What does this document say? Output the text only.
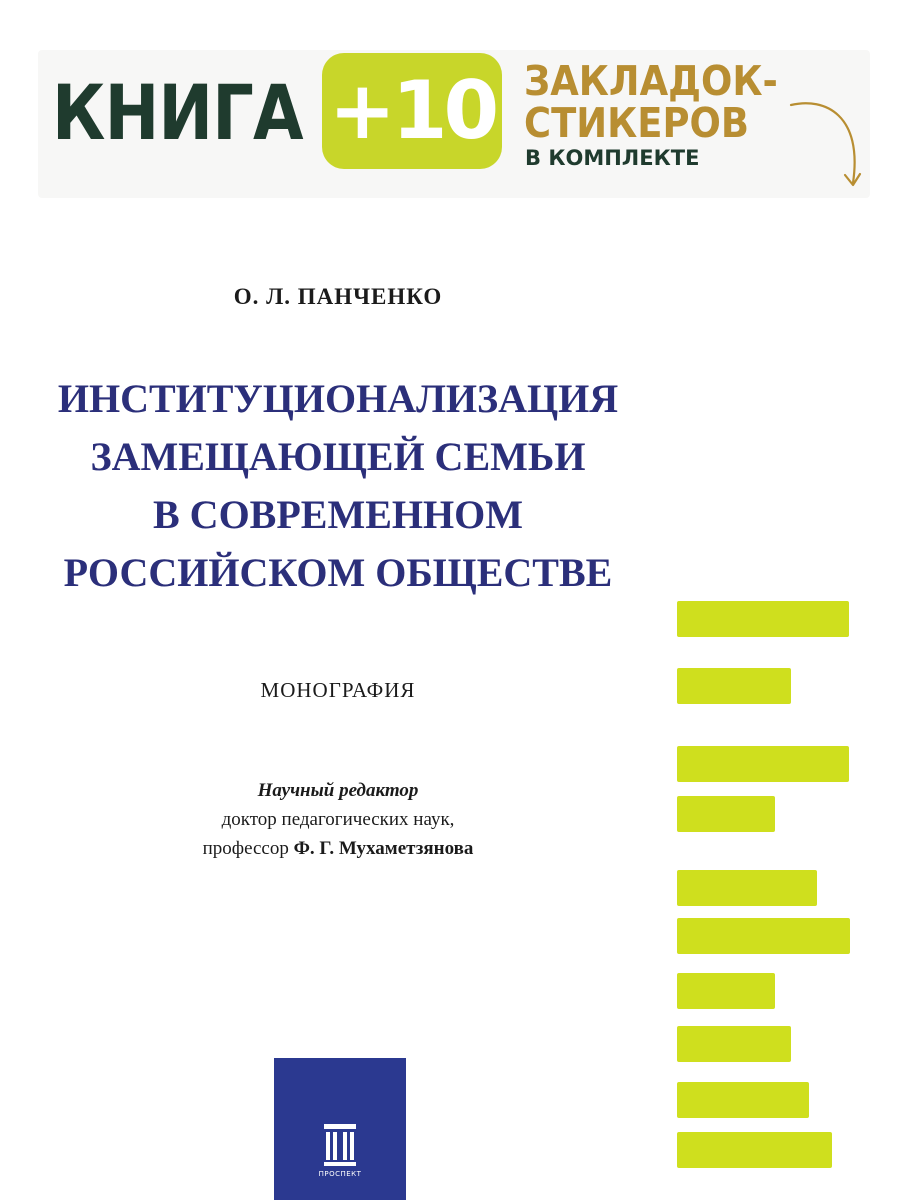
КНИГА +10 ЗАКЛАДОК-
СТИКЕРОВ
В КОМПЛЕКТЕ
О. Л. ПАНЧЕНКО
ИНСТИТУЦИОНАЛИЗАЦИЯ
ЗАМЕЩАЮЩЕЙ СЕМЬИ
В СОВРЕМЕННОМ
РОССИЙСКОМ ОБЩЕСТВЕ
МОНОГРАФИЯ
Научный редактор
доктор педагогических наук,
профессор Ф. Г. Мухаметзянова
ПРОСПЕКТ
